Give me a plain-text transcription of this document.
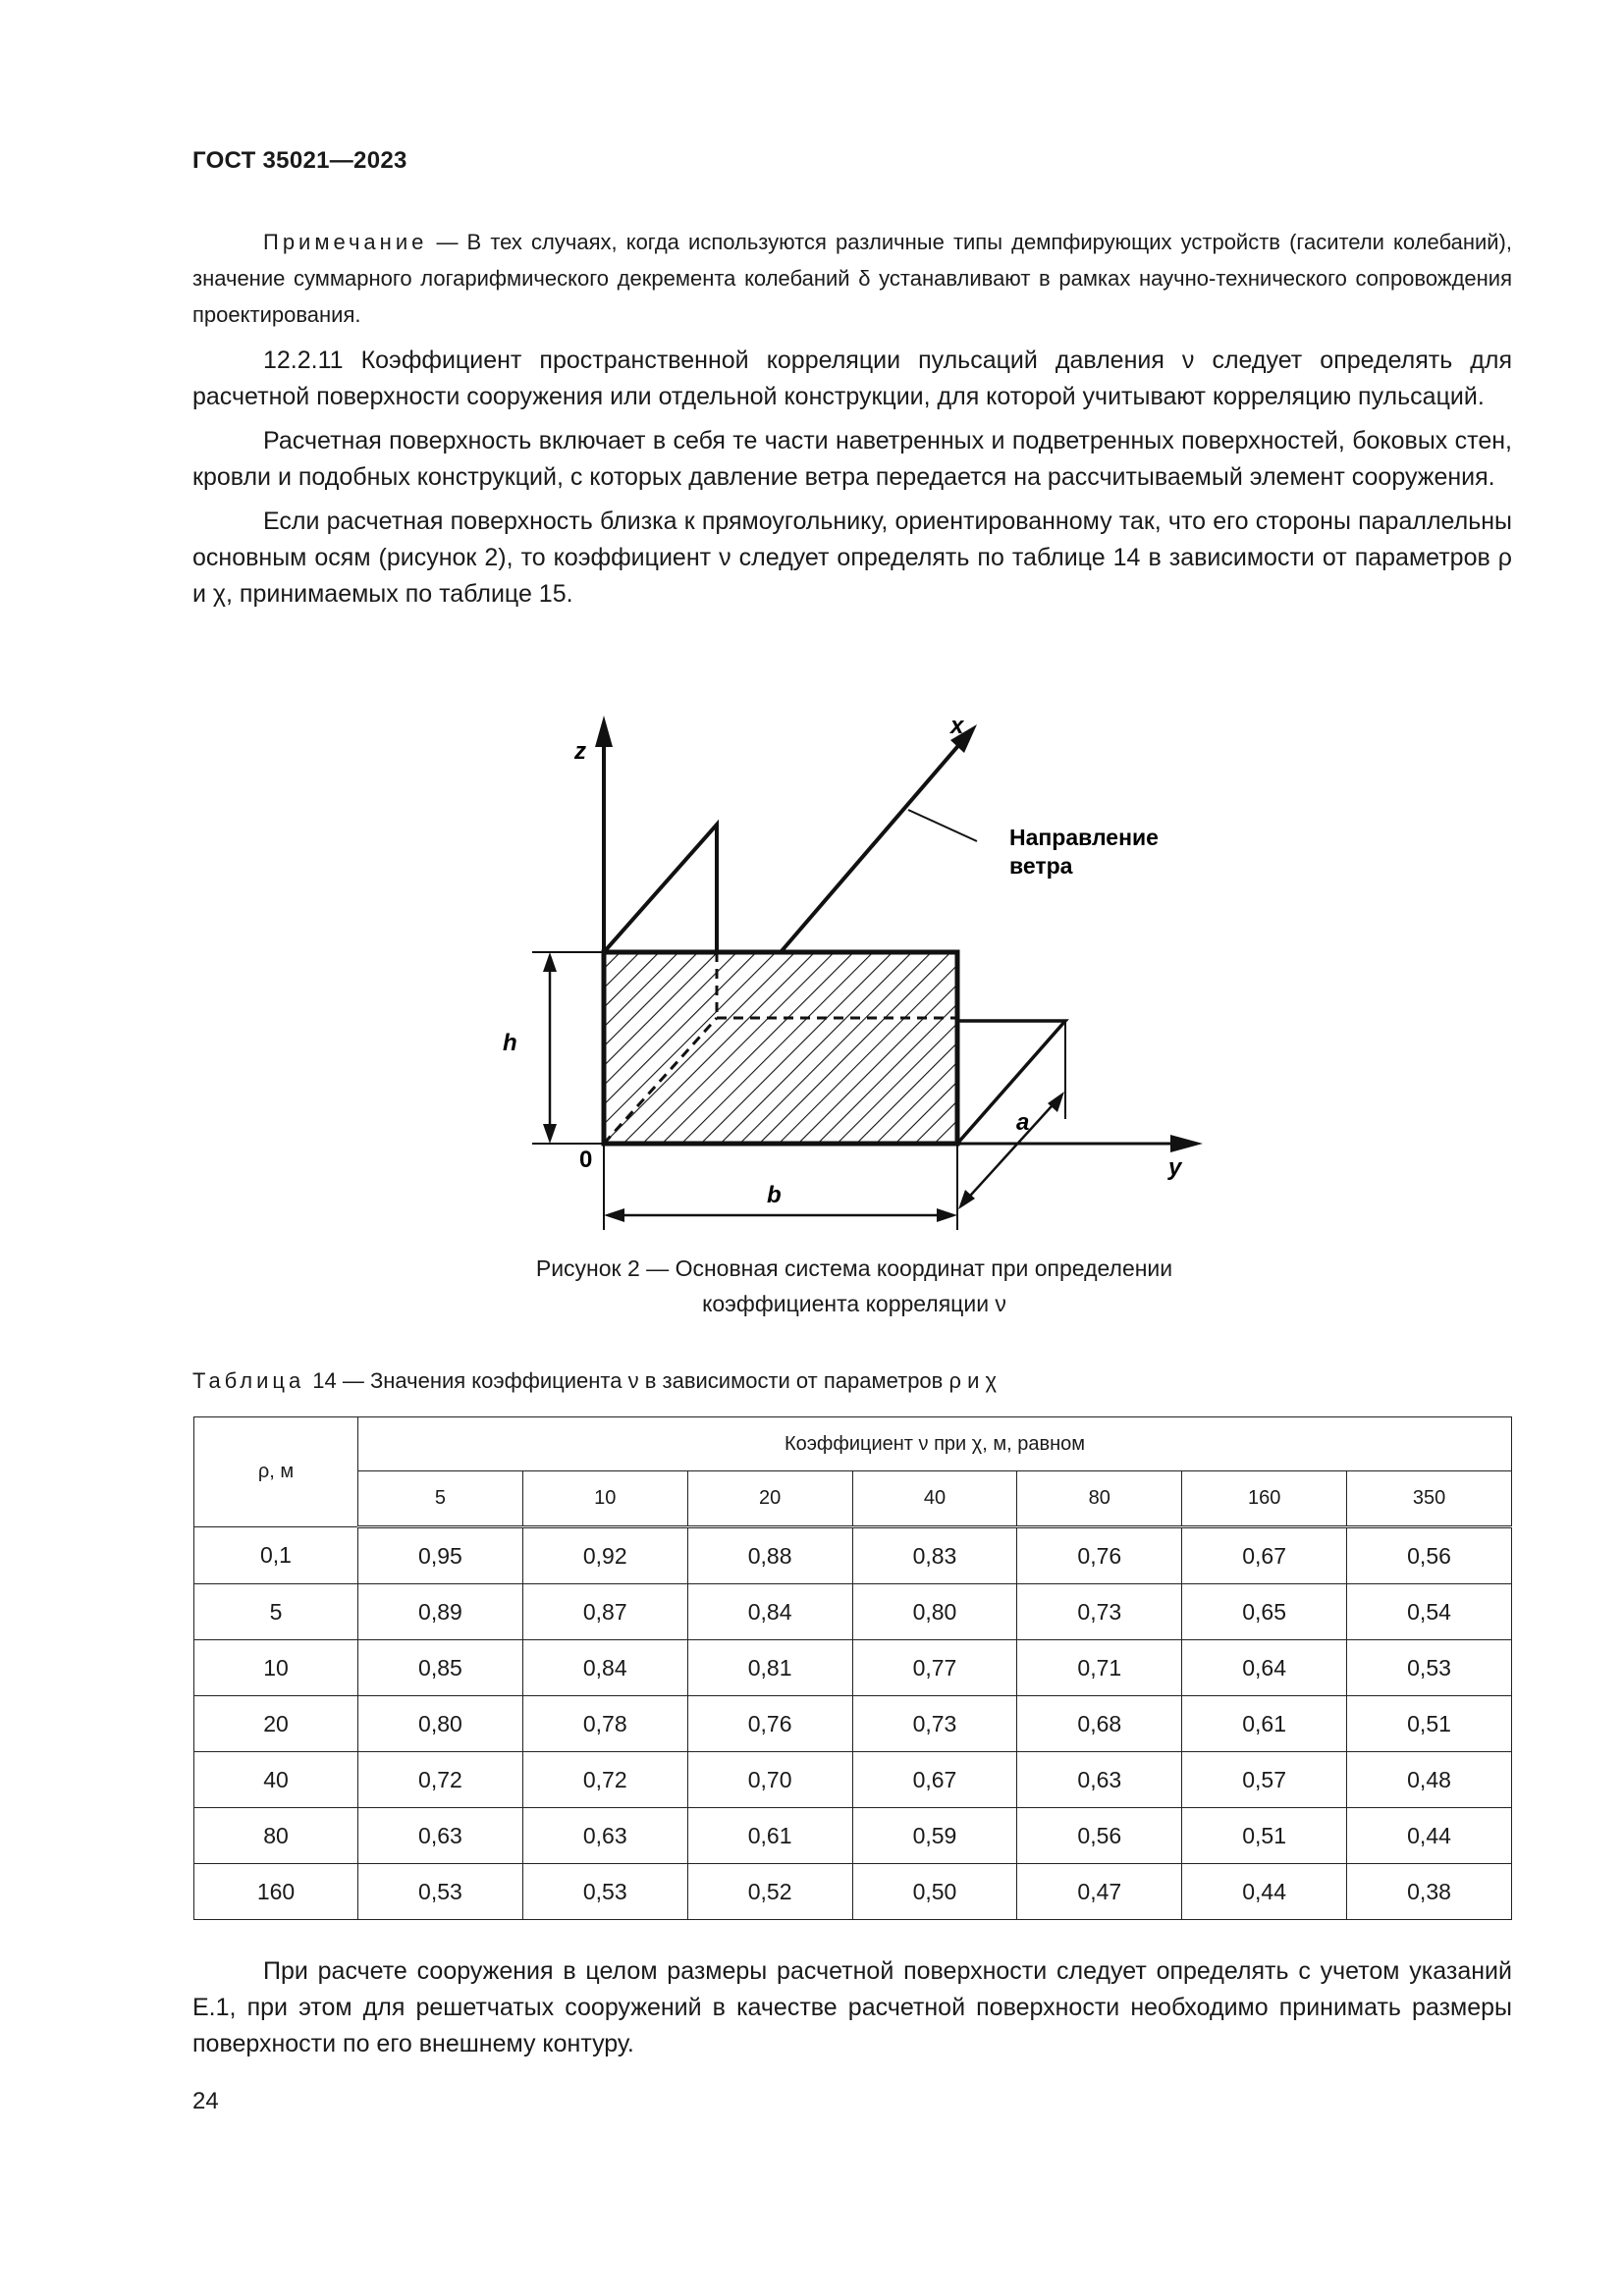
ГОСТ 35021—2023
Примечание — В тех случаях, когда используются различные типы демпфирующих устройств (гасители колебаний), значение суммарного логарифмического декремента колебаний δ устанавливают в рамках научно-технического сопровождения проектирования.

12.2.11 Коэффициент пространственной корреляции пульсаций давления ν следует определять для расчетной поверхности сооружения или отдельной конструкции, для которой учитывают корреляцию пульсаций.

Расчетная поверхность включает в себя те части наветренных и подветренных поверхностей, боковых стен, кровли и подобных конструкций, с которых давление ветра передается на рассчитываемый элемент сооружения.

Если расчетная поверхность близка к прямоугольнику, ориентированному так, что его стороны параллельны основным осям (рисунок 2), то коэффициент ν следует определять по таблице 14 в зависимости от параметров ρ и χ, принимаемых по таблице 15.

z
x
h
0	y
a
b
Направление
ветра
Рисунок 2 — Основная система координат при определении
коэффициента корреляции ν
Таблица 14 — Значения коэффициента ν в зависимости от параметров ρ и χ
ρ, м	Коэффициент ν при χ, м, равном						
	5	10	20	40	80	160	350
0,1	0,95	0,92	0,88	0,83	0,76	0,67	0,56
5	0,89	0,87	0,84	0,80	0,73	0,65	0,54
10	0,85	0,84	0,81	0,77	0,71	0,64	0,53
20	0,80	0,78	0,76	0,73	0,68	0,61	0,51
40	0,72	0,72	0,70	0,67	0,63	0,57	0,48
80	0,63	0,63	0,61	0,59	0,56	0,51	0,44
160	0,53	0,53	0,52	0,50	0,47	0,44	0,38

При расчете сооружения в целом размеры расчетной поверхности следует определять с учетом указаний Е.1, при этом для решетчатых сооружений в качестве расчетной поверхности необходимо принимать размеры поверхности по его внешнему контуру.

24
